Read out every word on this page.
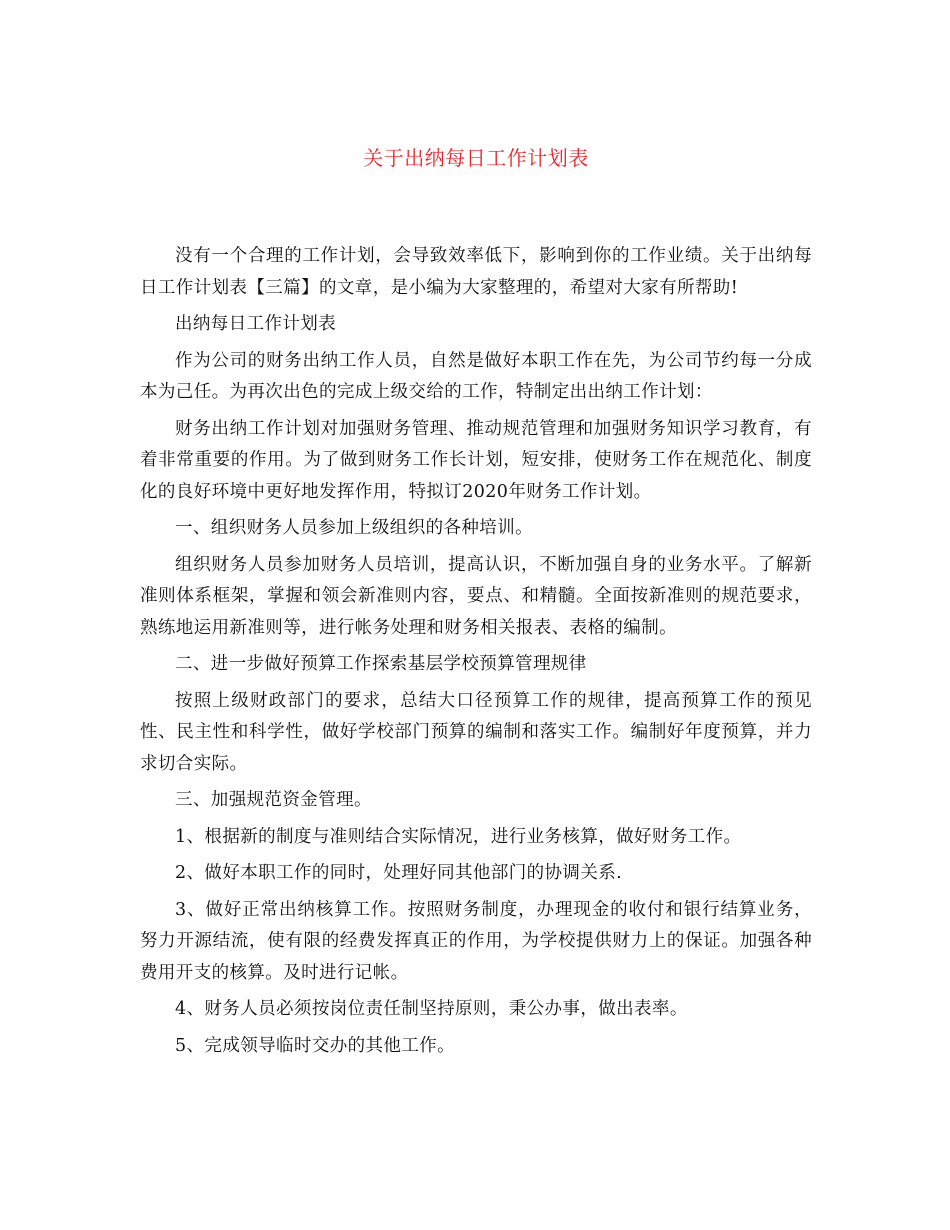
关于出纳每日工作计划表

没有一个合理的工作计划，会导致效率低下，影响到你的工作业绩。关于出纳每日工作计划表【三篇】的文章，是小编为大家整理的，希望对大家有所帮助!

出纳每日工作计划表

作为公司的财务出纳工作人员，自然是做好本职工作在先，为公司节约每一分成本为己任。为再次出色的完成上级交给的工作，特制定出出纳工作计划：

财务出纳工作计划对加强财务管理、推动规范管理和加强财务知识学习教育，有着非常重要的作用。为了做到财务工作长计划，短安排，使财务工作在规范化、制度化的良好环境中更好地发挥作用，特拟订2020年财务工作计划。

一、组织财务人员参加上级组织的各种培训。

组织财务人员参加财务人员培训，提高认识，不断加强自身的业务水平。了解新准则体系框架，掌握和领会新准则内容，要点、和精髓。全面按新准则的规范要求，熟练地运用新准则等，进行帐务处理和财务相关报表、表格的编制。

二、进一步做好预算工作探索基层学校预算管理规律

按照上级财政部门的要求，总结大口径预算工作的规律，提高预算工作的预见性、民主性和科学性，做好学校部门预算的编制和落实工作。编制好年度预算，并力求切合实际。

三、加强规范资金管理。

1、根据新的制度与准则结合实际情况，进行业务核算，做好财务工作。

2、做好本职工作的同时，处理好同其他部门的协调关系.

3、做好正常出纳核算工作。按照财务制度，办理现金的收付和银行结算业务，努力开源结流，使有限的经费发挥真正的作用，为学校提供财力上的保证。加强各种费用开支的核算。及时进行记帐。

4、财务人员必须按岗位责任制坚持原则，秉公办事，做出表率。

5、完成领导临时交办的其他工作。
